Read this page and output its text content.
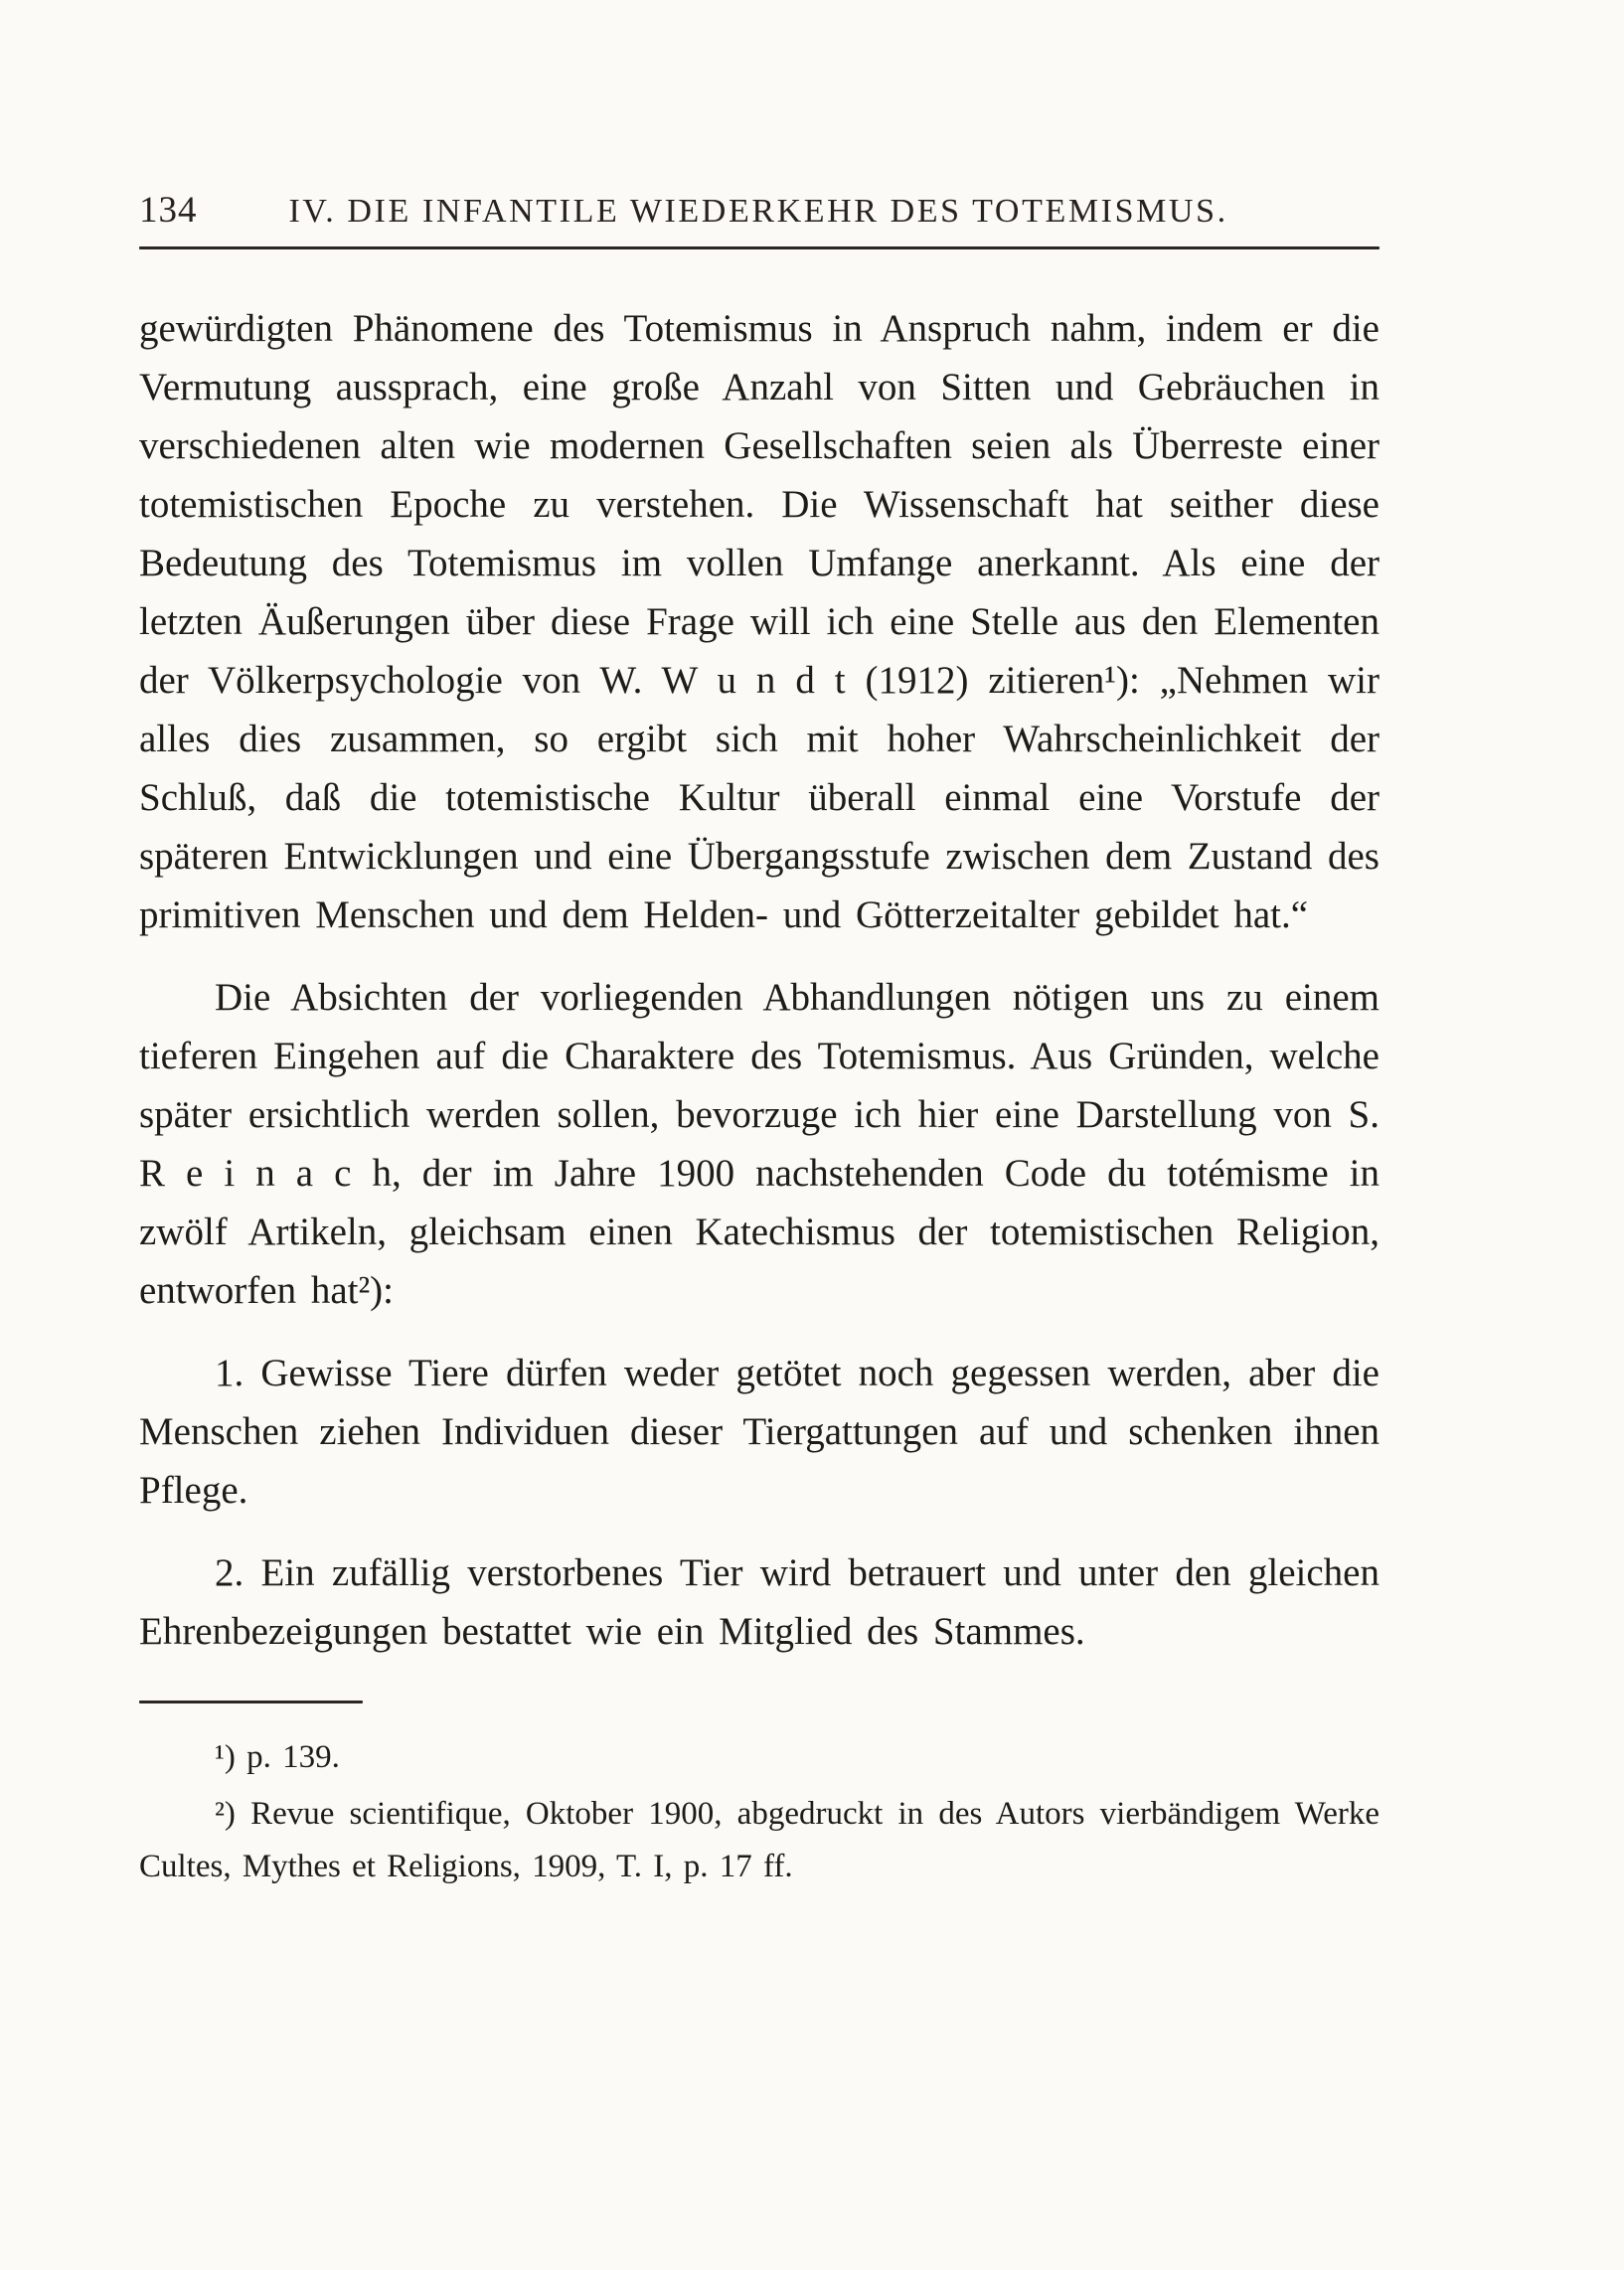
134	IV. DIE INFANTILE WIEDERKEHR DES TOTEMISMUS.

gewürdigten Phänomene des Totemismus in Anspruch nahm, indem er die Vermutung aussprach, eine große Anzahl von Sitten und Gebräuchen in verschiedenen alten wie modernen Gesellschaften seien als Überreste einer totemistischen Epoche zu verstehen. Die Wissenschaft hat seither diese Bedeutung des Totemismus im vollen Umfange anerkannt. Als eine der letzten Äußerungen über diese Frage will ich eine Stelle aus den Elementen der Völkerpsychologie von W. W u n d t (1912) zitieren¹): „Nehmen wir alles dies zusammen, so ergibt sich mit hoher Wahrscheinlichkeit der Schluß, daß die totemistische Kultur überall einmal eine Vorstufe der späteren Entwicklungen und eine Übergangsstufe zwischen dem Zustand des primitiven Menschen und dem Helden- und Götterzeitalter gebildet hat.“

Die Absichten der vorliegenden Abhandlungen nötigen uns zu einem tieferen Eingehen auf die Charaktere des Totemismus. Aus Gründen, welche später ersichtlich werden sollen, bevorzuge ich hier eine Darstellung von S. R e i n a c h, der im Jahre 1900 nachstehenden Code du totémisme in zwölf Artikeln, gleichsam einen Katechismus der totemistischen Religion, entworfen hat²):

1. Gewisse Tiere dürfen weder getötet noch gegessen werden, aber die Menschen ziehen Individuen dieser Tiergattungen auf und schenken ihnen Pflege.

2. Ein zufällig verstorbenes Tier wird betrauert und unter den gleichen Ehrenbezeigungen bestattet wie ein Mitglied des Stammes.

¹) p. 139.

²) Revue scientifique, Oktober 1900, abgedruckt in des Autors vierbändigem Werke Cultes, Mythes et Religions, 1909, T. I, p. 17 ff.
